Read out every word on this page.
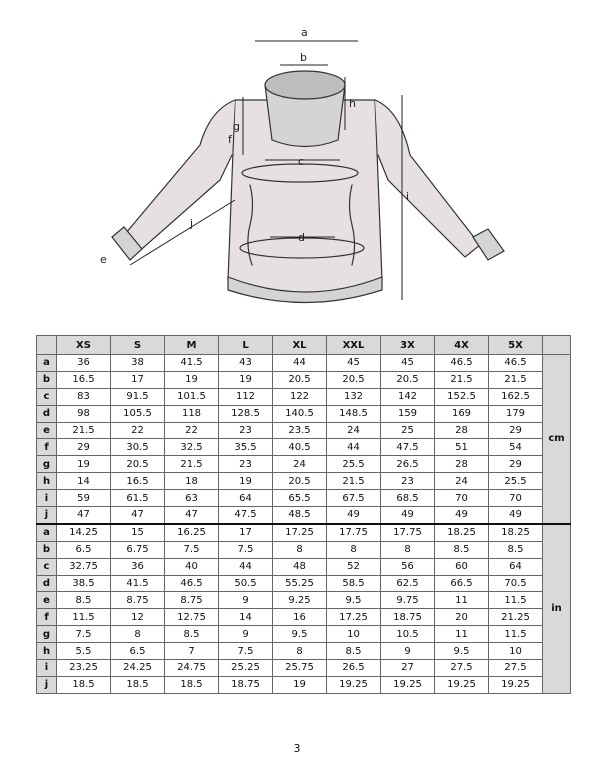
a
b
c
d
e
f
g
h
i
j
	XS	S	M	L	XL	XXL	3X	4X	5X	
a	36	38	41.5	43	44	45	45	46.5	46.5	cm
b	16.5	17	19	19	20.5	20.5	20.5	21.5	21.5	
c	83	91.5	101.5	112	122	132	142	152.5	162.5	
d	98	105.5	118	128.5	140.5	148.5	159	169	179	
e	21.5	22	22	23	23.5	24	25	28	29	
f	29	30.5	32.5	35.5	40.5	44	47.5	51	54	
g	19	20.5	21.5	23	24	25.5	26.5	28	29	
h	14	16.5	18	19	20.5	21.5	23	24	25.5	
i	59	61.5	63	64	65.5	67.5	68.5	70	70	
j	47	47	47	47.5	48.5	49	49	49	49	
a	14.25	15	16.25	17	17.25	17.75	17.75	18.25	18.25	in
b	6.5	6.75	7.5	7.5	8	8	8	8.5	8.5	
c	32.75	36	40	44	48	52	56	60	64	
d	38.5	41.5	46.5	50.5	55.25	58.5	62.5	66.5	70.5	
e	8.5	8.75	8.75	9	9.25	9.5	9.75	11	11.5	
f	11.5	12	12.75	14	16	17.25	18.75	20	21.25	
g	7.5	8	8.5	9	9.5	10	10.5	11	11.5	
h	5.5	6.5	7	7.5	8	8.5	9	9.5	10	
i	23.25	24.25	24.75	25.25	25.75	26.5	27	27.5	27.5	
j	18.5	18.5	18.5	18.75	19	19.25	19.25	19.25	19.25	
3
